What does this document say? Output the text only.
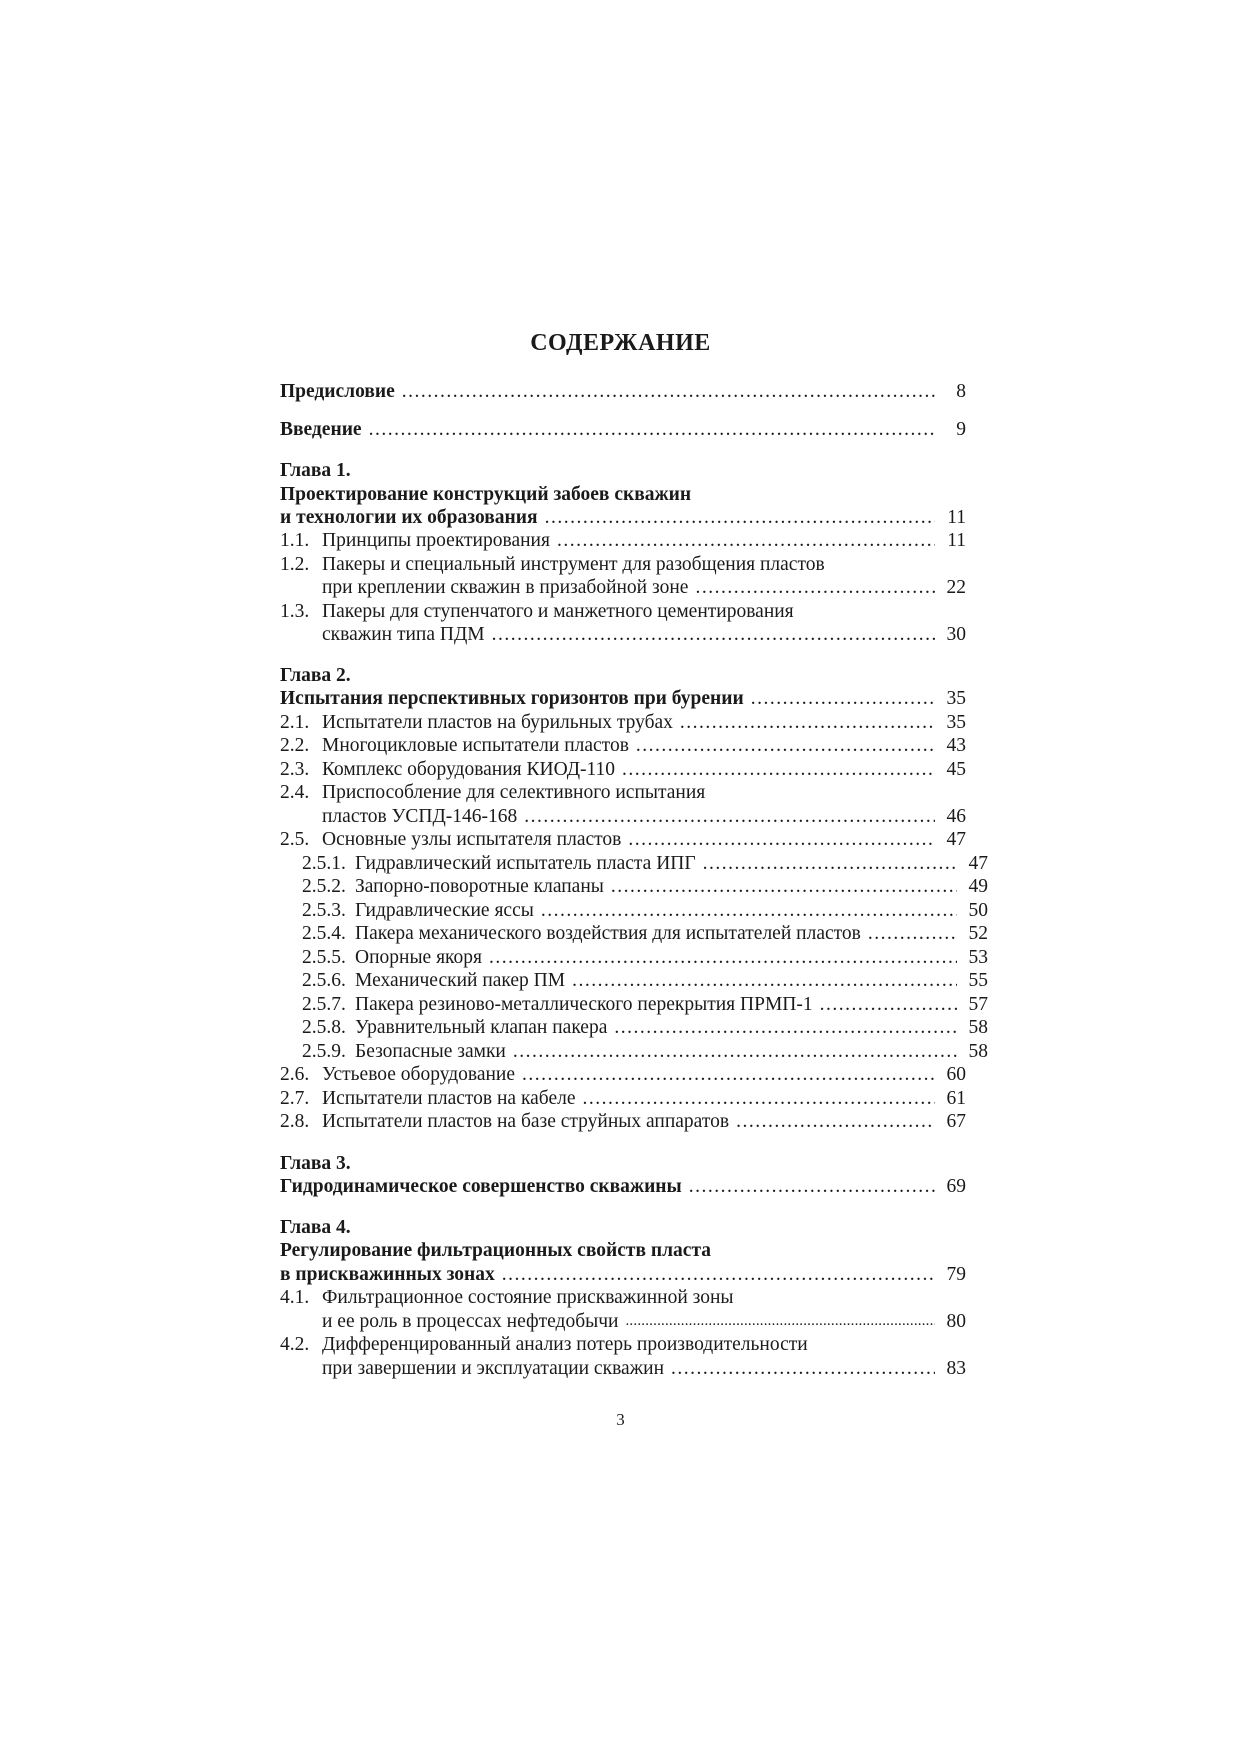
СОДЕРЖАНИЕ
Предисловие .....	8
Введение .....	9
Глава 1.
Проектирование конструкций забоев скважин
и технологии их образования .....	11
1.1. Принципы проектирования .....	11
1.2. Пакеры и специальный инструмент для разобщения пластов
при креплении скважин в призабойной зоне .....	22
1.3. Пакеры для ступенчатого и манжетного цементирования
скважин типа ПДМ .....	30
Глава 2.
Испытания перспективных горизонтов при бурении .....	35
2.1. Испытатели пластов на бурильных трубах .....	35
2.2. Многоцикловые испытатели пластов .....	43
2.3. Комплекс оборудования КИОД-110 .....	45
2.4. Приспособление для селективного испытания
пластов УСПД-146-168 .....	46
2.5. Основные узлы испытателя пластов .....	47
2.5.1. Гидравлический испытатель пласта ИПГ .....	47
2.5.2. Запорно-поворотные клапаны .....	49
2.5.3. Гидравлические яссы .....	50
2.5.4. Пакера механического воздействия для испытателей пластов .....	52
2.5.5. Опорные якоря .....	53
2.5.6. Механический пакер ПМ .....	55
2.5.7. Пакера резиново-металлического перекрытия ПРМП-1 .....	57
2.5.8. Уравнительный клапан пакера .....	58
2.5.9. Безопасные замки .....	58
2.6. Устьевое оборудование .....	60
2.7. Испытатели пластов на кабеле .....	61
2.8. Испытатели пластов на базе струйных аппаратов .....	67
Глава 3.
Гидродинамическое совершенство скважины .....	69
Глава 4.
Регулирование фильтрационных свойств пласта
в прискважинных зонах .....	79
4.1. Фильтрационное состояние прискважинной зоны
и ее роль в процессах нефтедобычи .....	80
4.2. Дифференцированный анализ потерь производительности
при завершении и эксплуатации скважин .....	83
3
